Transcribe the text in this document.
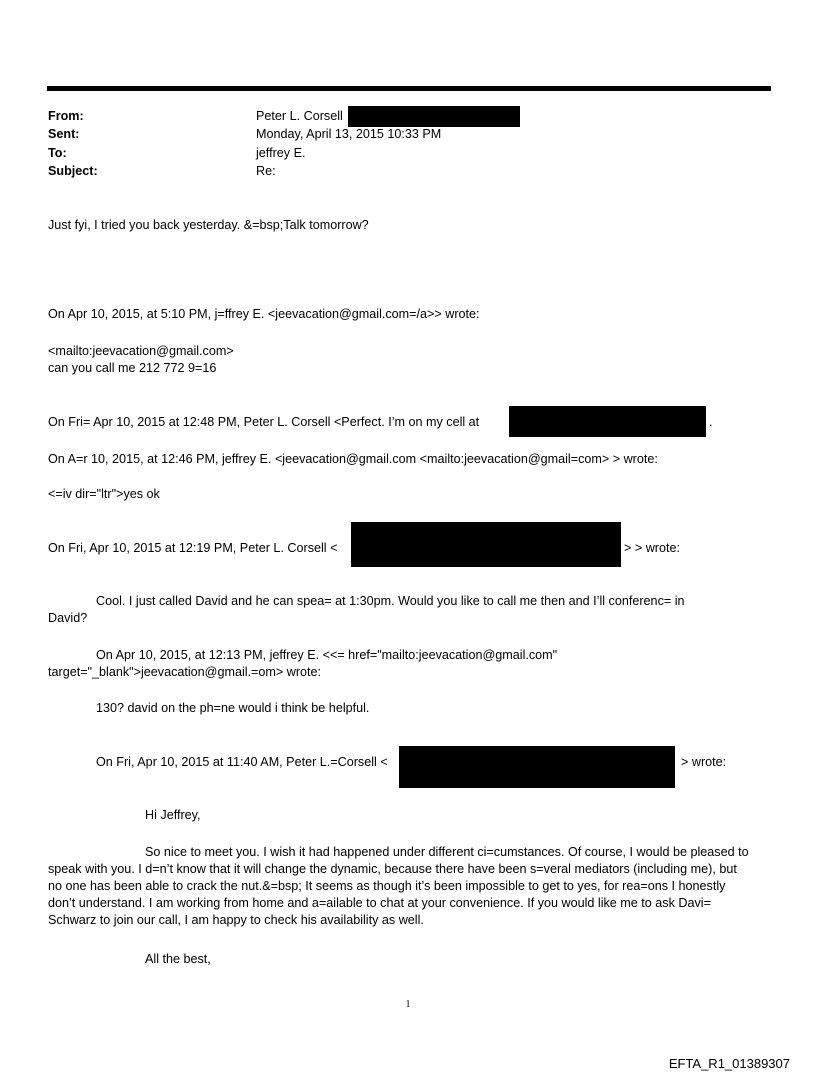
From:	Peter L. Corsell
Sent:	Monday, April 13, 2015 10:33 PM
To:	jeffrey E.
Subject:	Re:
Just fyi, I tried you back yesterday. &=bsp;Talk tomorrow?
On Apr 10, 2015, at 5:10 PM, j=ffrey E. <jeevacation@gmail.com=/a>> wrote:
<mailto:jeevacation@gmail.com>
can you call me 212 772 9=16
On Fri= Apr 10, 2015 at 12:48 PM, Peter L. Corsell <Perfect. I’m on my cell at	.
On A=r 10, 2015, at 12:46 PM, jeffrey E. <jeevacation@gmail.com <mailto:jeevacation@gmail=com> > wrote:
<=iv dir="ltr">yes ok
On Fri, Apr 10, 2015 at 12:19 PM, Peter L. Corsell <	> > wrote:
Cool. I just called David and he can spea= at 1:30pm. Would you like to call me then and I’ll conferenc= in
David?
On Apr 10, 2015, at 12:13 PM, jeffrey E. <<= href="mailto:jeevacation@gmail.com"
target="_blank">jeevacation@gmail.=om> wrote:
130? david on the ph=ne would i think be helpful.
On Fri, Apr 10, 2015 at 11:40 AM, Peter L.=Corsell <	> wrote:
Hi Jeffrey,
So nice to meet you. I wish it had happened under different ci=cumstances. Of course, I would be pleased to speak with you. I d=n’t know that it will change the dynamic, because there have been s=veral mediators (including me), but no one has been able to crack the nut.&=bsp; It seems as though it’s been impossible to get to yes, for rea=ons I honestly don’t understand. I am working from home and a=ailable to chat at your convenience. If you would like me to ask Davi= Schwarz to join our call, I am happy to check his availability as well.
All the best,
1
EFTA_R1_01389307
